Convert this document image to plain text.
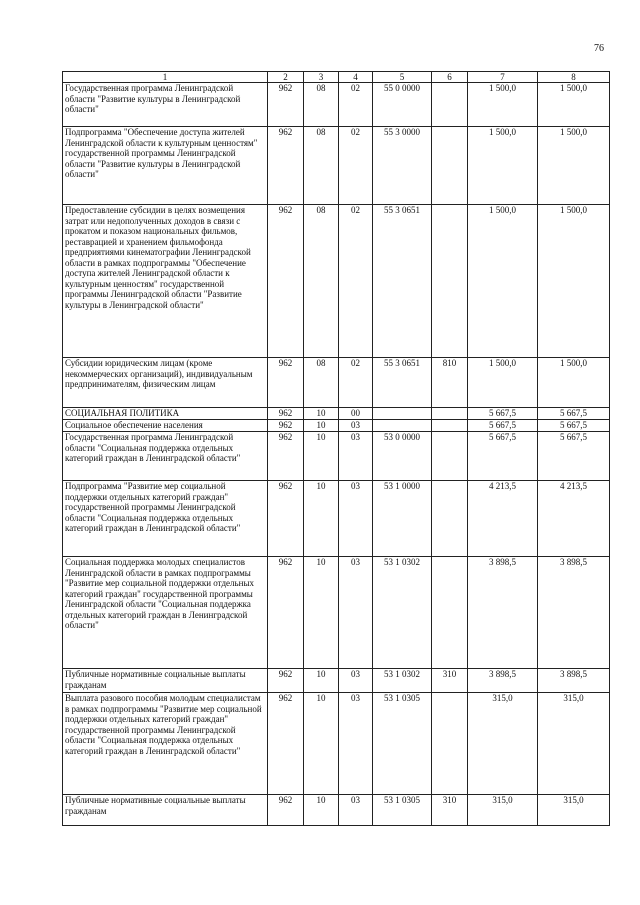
76
1	2	3	4	5	6	7	8
Государственная программа Ленинградской области "Развитие культуры в Ленинградской области"	962	08	02	55 0 0000		1 500,0	1 500,0
Подпрограмма "Обеспечение доступа жителей Ленинградской области к культурным ценностям" государственной программы Ленинградской области "Развитие культуры в Ленинградской области"	962	08	02	55 3 0000		1 500,0	1 500,0
Предоставление субсидии в целях возмещения затрат или недополученных доходов в связи с прокатом и показом национальных фильмов, реставрацией и хранением фильмофонда предприятиями кинематографии Ленинградской области в рамках подпрограммы "Обеспечение доступа жителей Ленинградской области к культурным ценностям" государственной программы Ленинградской области "Развитие культуры в Ленинградской области"	962	08	02	55 3 0651		1 500,0	1 500,0
Субсидии юридическим лицам (кроме некоммерческих организаций), индивидуальным предпринимателям, физическим лицам	962	08	02	55 3 0651	810	1 500,0	1 500,0
СОЦИАЛЬНАЯ ПОЛИТИКА	962	10	00			5 667,5	5 667,5
Социальное обеспечение населения	962	10	03			5 667,5	5 667,5
Государственная программа Ленинградской области "Социальная поддержка отдельных категорий граждан в Ленинградской области"	962	10	03	53 0 0000		5 667,5	5 667,5
Подпрограмма "Развитие мер социальной поддержки отдельных категорий граждан" государственной программы Ленинградской области "Социальная поддержка отдельных категорий граждан в Ленинградской области"	962	10	03	53 1 0000		4 213,5	4 213,5
Социальная поддержка молодых специалистов Ленинградской области в рамках подпрограммы "Развитие мер социальной поддержки отдельных категорий граждан" государственной программы Ленинградской области "Социальная поддержка отдельных категорий граждан в Ленинградской области"	962	10	03	53 1 0302		3 898,5	3 898,5
Публичные нормативные социальные выплаты гражданам	962	10	03	53 1 0302	310	3 898,5	3 898,5
Выплата разового пособия молодым специалистам в рамках подпрограммы "Развитие мер социальной поддержки отдельных категорий граждан" государственной программы Ленинградской области "Социальная поддержка отдельных категорий граждан в Ленинградской области"	962	10	03	53 1 0305		315,0	315,0
Публичные нормативные социальные выплаты гражданам	962	10	03	53 1 0305	310	315,0	315,0
